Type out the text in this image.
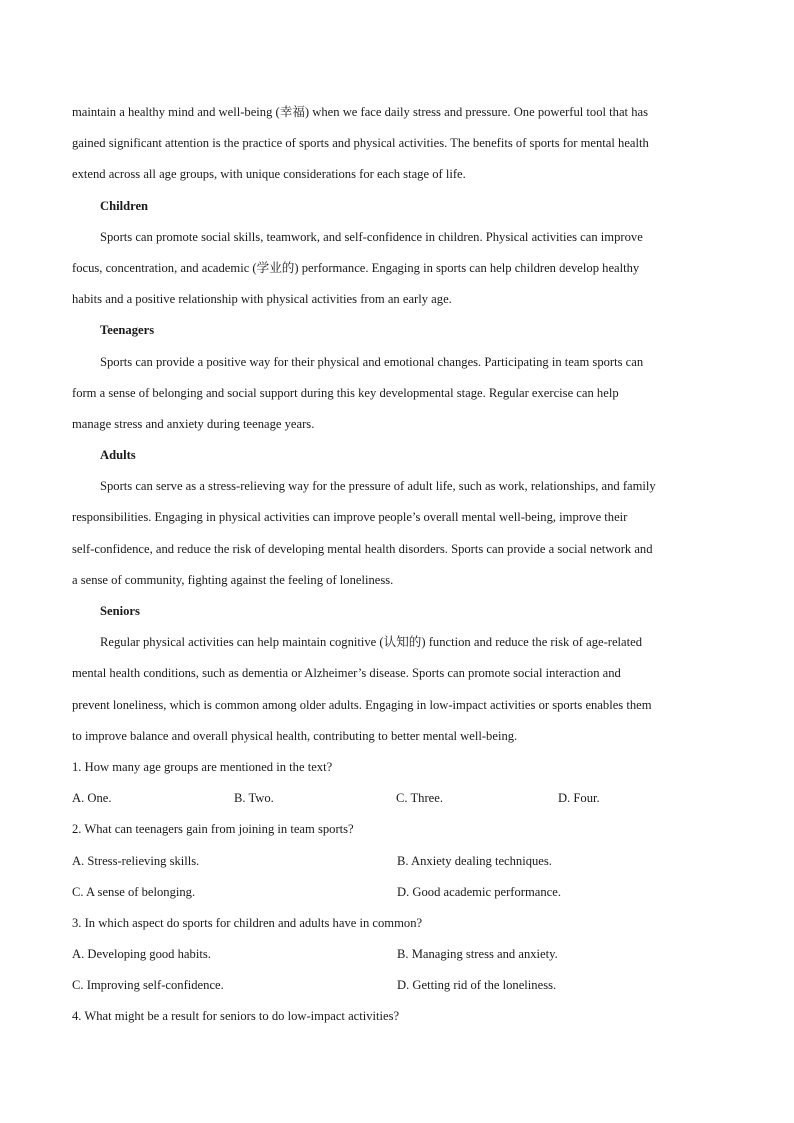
maintain a healthy mind and well-being (幸福) when we face daily stress and pressure. One powerful tool that has
gained significant attention is the practice of sports and physical activities. The benefits of sports for mental health
extend across all age groups, with unique considerations for each stage of life.
Children
Sports can promote social skills, teamwork, and self-confidence in children. Physical activities can improve
focus, concentration, and academic (学业的) performance. Engaging in sports can help children develop healthy
habits and a positive relationship with physical activities from an early age.
Teenagers
Sports can provide a positive way for their physical and emotional changes. Participating in team sports can
form a sense of belonging and social support during this key developmental stage. Regular exercise can help
manage stress and anxiety during teenage years.
Adults
Sports can serve as a stress-relieving way for the pressure of adult life, such as work, relationships, and family
responsibilities. Engaging in physical activities can improve people’s overall mental well-being, improve their
self-confidence, and reduce the risk of developing mental health disorders. Sports can provide a social network and
a sense of community, fighting against the feeling of loneliness.
Seniors
Regular physical activities can help maintain cognitive (认知的) function and reduce the risk of age-related
mental health conditions, such as dementia or Alzheimer’s disease. Sports can promote social interaction and
prevent loneliness, which is common among older adults. Engaging in low-impact activities or sports enables them
to improve balance and overall physical health, contributing to better mental well-being.
1. How many age groups are mentioned in the text?
A. One.	B. Two.	C. Three.	D. Four.
2. What can teenagers gain from joining in team sports?
A. Stress-relieving skills.	B. Anxiety dealing techniques.
C. A sense of belonging.	D. Good academic performance.
3. In which aspect do sports for children and adults have in common?
A. Developing good habits.	B. Managing stress and anxiety.
C. Improving self-confidence.	D. Getting rid of the loneliness.
4. What might be a result for seniors to do low-impact activities?
